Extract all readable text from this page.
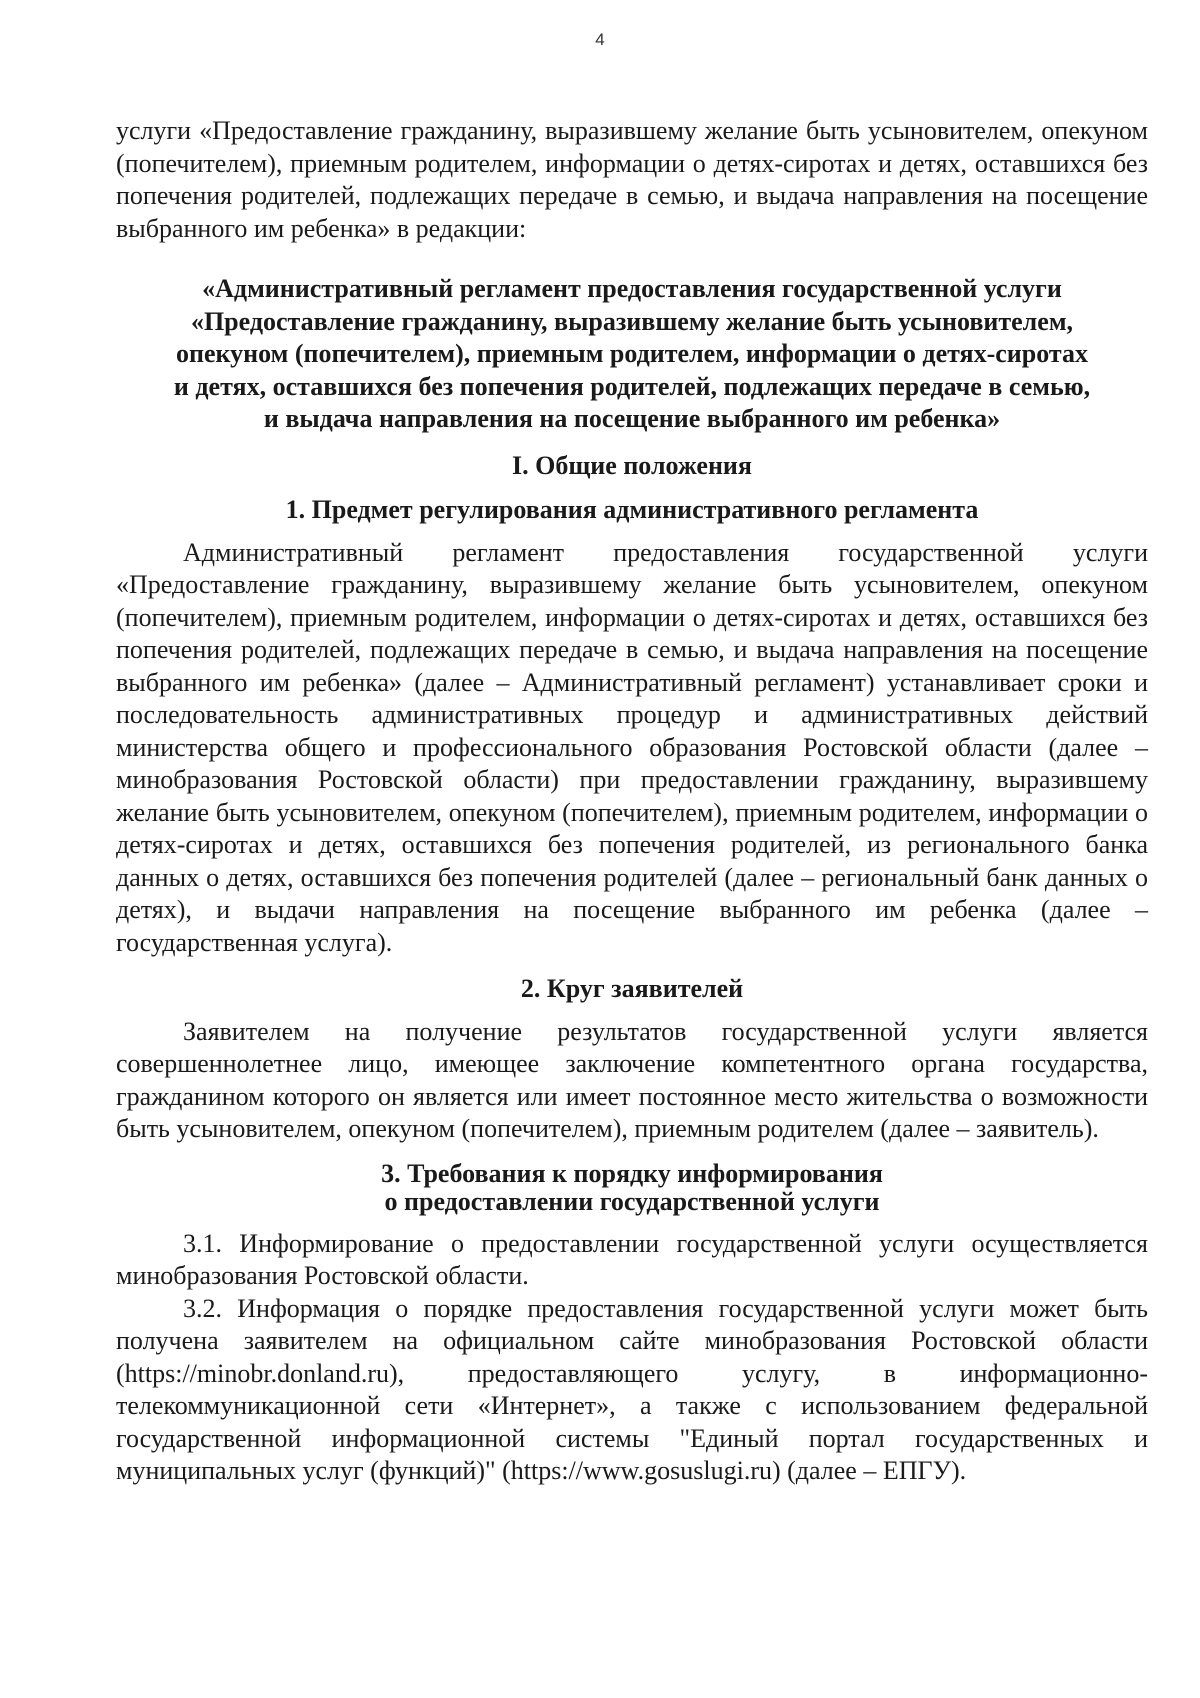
4

услуги «Предоставление гражданину, выразившему желание быть усыновителем, опекуном (попечителем), приемным родителем, информации о детях-сиротах и детях, оставшихся без попечения родителей, подлежащих передаче в семью, и выдача направления на посещение выбранного им ребенка» в редакции:

«Административный регламент предоставления государственной услуги
«Предоставление гражданину, выразившему желание быть усыновителем,
опекуном (попечителем), приемным родителем, информации о детях-сиротах
и детях, оставшихся без попечения родителей, подлежащих передаче в семью,
и выдача направления на посещение выбранного им ребенка»
I. Общие положения
1. Предмет регулирования административного регламента

Административный регламент предоставления государственной услуги «Предоставление гражданину, выразившему желание быть усыновителем, опекуном (попечителем), приемным родителем, информации о детях-сиротах и детях, оставшихся без попечения родителей, подлежащих передаче в семью, и выдача направления на посещение выбранного им ребенка» (далее – Административный регламент) устанавливает сроки и последовательность административных процедур и административных действий министерства общего и профессионального образования Ростовской области (далее – минобразования Ростовской области) при предоставлении гражданину, выразившему желание быть усыновителем, опекуном (попечителем), приемным родителем, информации о детях-сиротах и детях, оставшихся без попечения родителей, из регионального банка данных о детях, оставшихся без попечения родителей (далее – региональный банк данных о детях), и выдачи направления на посещение выбранного им ребенка (далее – государственная услуга).

2. Круг заявителей

Заявителем на получение результатов государственной услуги является совершеннолетнее лицо, имеющее заключение компетентного органа государства, гражданином которого он является или имеет постоянное место жительства о возможности быть усыновителем, опекуном (попечителем), приемным родителем (далее – заявитель).

3. Требования к порядку информирования
о предоставлении государственной услуги

3.1. Информирование о предоставлении государственной услуги осуществляется минобразования Ростовской области.

3.2. Информация о порядке предоставления государственной услуги может быть получена заявителем на официальном сайте минобразования Ростовской области (https://minobr.donland.ru), предоставляющего услугу, в информационно-телекоммуникационной сети «Интернет», а также с использованием федеральной государственной информационной системы "Единый портал государственных и муниципальных услуг (функций)" (https://www.gosuslugi.ru) (далее – ЕПГУ).
